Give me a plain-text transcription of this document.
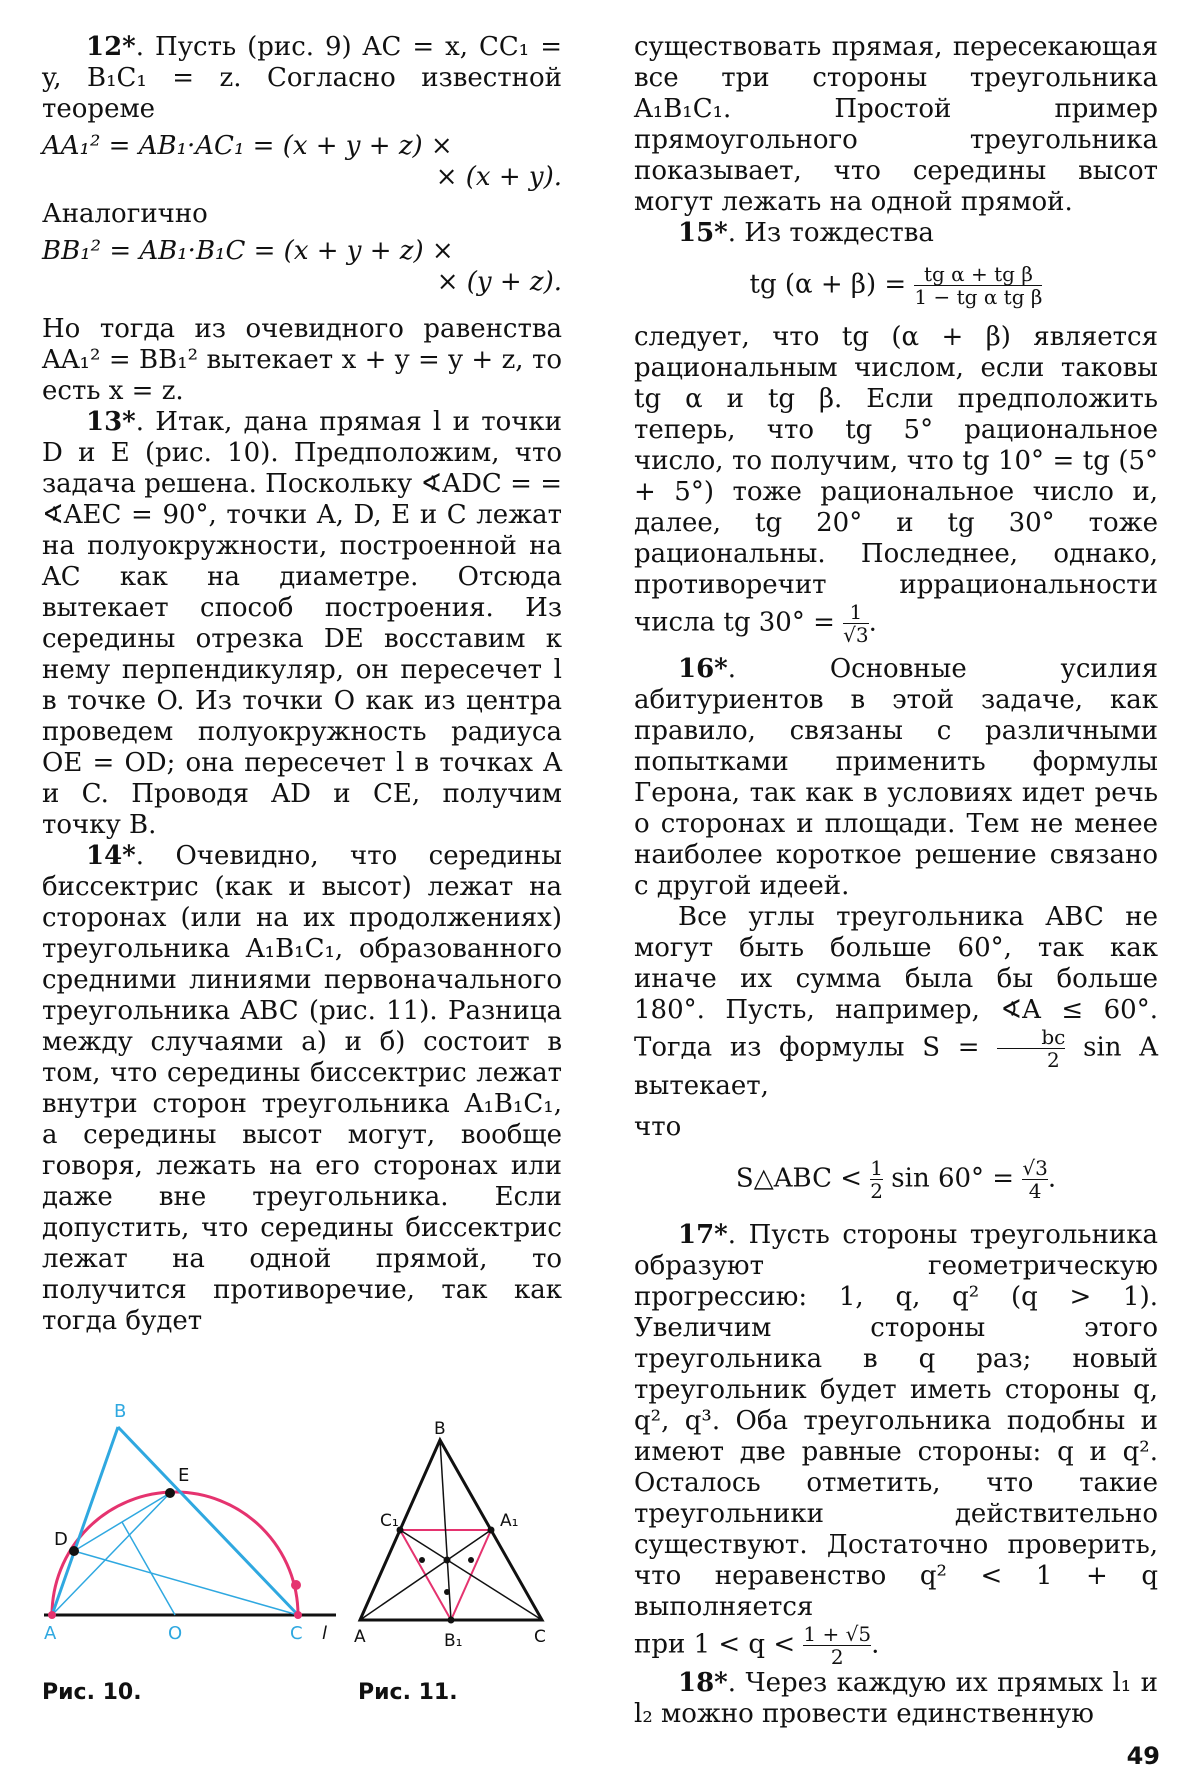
12*. Пусть (рис. 9) AC = x, CC₁ = y, B₁C₁ = z. Согласно известной теореме

AA₁² = AB₁·AC₁ = (x + y + z) ×
× (x + y).

Аналогично

BB₁² = AB₁·B₁C = (x + y + z) ×
× (y + z).

Но тогда из очевидного равенства AA₁² = BB₁² вытекает x + y = y + z, то есть x = z.

13*. Итак, дана прямая l и точки D и E (рис. 10). Предположим, что задача решена. Поскольку ∢ADC = = ∢AEC = 90°, точки A, D, E и C лежат на полуокружности, построенной на AC как на диаметре. Отсюда вытекает способ построения. Из середины отрезка DE восставим к нему перпендикуляр, он пересечет l в точке O. Из точки O как из центра проведем полуокружность радиуса OE = OD; она пересечет l в точках A и C. Проводя AD и CE, получим точку B.

14*. Очевидно, что середины биссектрис (как и высот) лежат на сторонах (или на их продолжениях) треугольника A₁B₁C₁, образованного средними линиями первоначального треугольника ABC (рис. 11). Разница между случаями а) и б) состоит в том, что середины биссектрис лежат внутри сторон треугольника A₁B₁C₁, а середины высот могут, вообще говоря, лежать на его сторонах или даже вне треугольника. Если допустить, что середины биссектрис лежат на одной прямой, то получится противоречие, так как тогда будет

существовать прямая, пересекающая все три стороны треугольника A₁B₁C₁. Простой пример прямоугольного треугольника показывает, что середины высот могут лежать на одной прямой.

15*. Из тождества

tg $(\alpha + \beta) = \frac{\text{tg α + tg β}}{\text{1 − tg α tg β}}$

следует, что tg (α + β) является рациональным числом, если таковы tg α и tg β. Если предположить теперь, что tg 5° рациональное число, то получим, что tg 10° = tg (5° + 5°) тоже рациональное число и, далее, tg 20° и tg 30° тоже рациональны. Последнее, однако, противоречит иррациональности числа tg $30^\circ = \frac{1}{√3}$ .

16*. Основные усилия абитуриентов в этой задаче, как правило, связаны с различными попытками применить формулы Герона, так как в условиях идет речь о сторонах и площади. Тем не менее наиболее короткое решение связано с другой идеей.

Все углы треугольника ABC не могут быть больше 60°, так как иначе их сумма была бы больше 180°. Пусть, например, ∢A ≤ 60°. Тогда из формулы $S = \frac{bc}{2}$ sin A вытекает,

что

S△ABC < $\frac{1}{2}$ $\sin 60^\circ = \frac{√3}{4}$ .

17*. Пусть стороны треугольника образуют геометрическую прогрессию: 1, q, q² (q > 1). Увеличим стороны этого треугольника в q раз; новый треугольник будет иметь стороны q, q², q³. Оба треугольника подобны и имеют две равные стороны: q и q². Осталось отметить, что такие треугольники действительно существуют. Достаточно проверить, что неравенство q² < 1 + q выполняется

при $1 < q < \frac{1 + √5}{2}$ .

18*. Через каждую их прямых l₁ и l₂ можно провести единственную

B
E
D
A	O	C l
Рис. 10.
B
C₁	A₁
A	B₁	C
Рис. 11.
49
